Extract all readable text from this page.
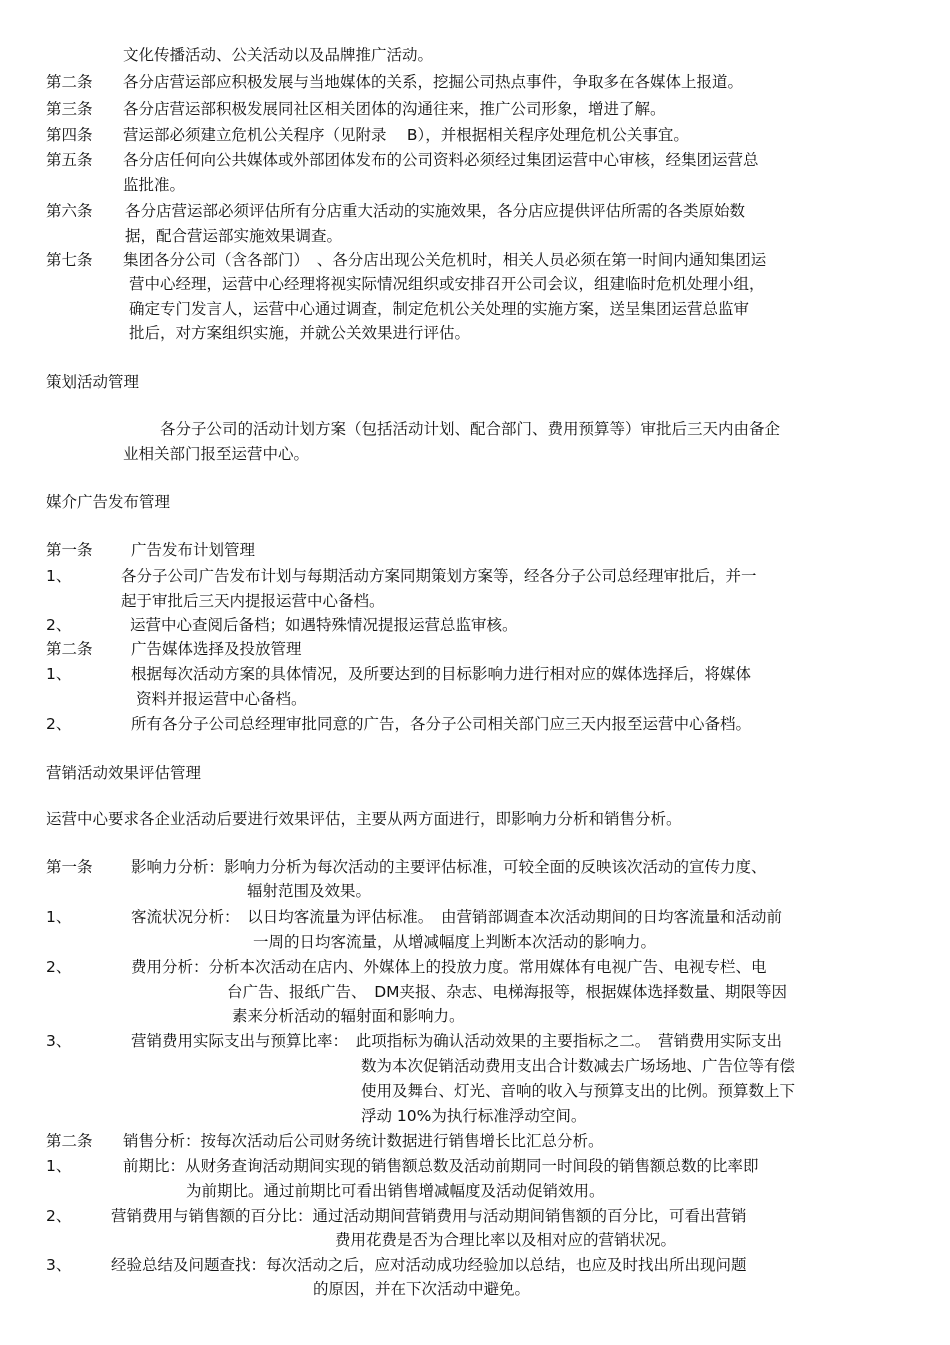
文化传播活动、公关活动以及品牌推广活动。
第二条 各分店营运部应积极发展与当地媒体的关系，挖掘公司热点事件，争取多在各媒体上报道。
第三条 各分店营运部积极发展同社区相关团体的沟通往来，推广公司形象，增进了解。
第四条 营运部必须建立危机公关程序（见附录　 B），并根据相关程序处理危机公关事宜。
第五条 各分店任何向公共媒体或外部团体发布的公司资料必须经过集团运营中心审核，经集团运营总
监批准。
第六条 各分店营运部必须评估所有分店重大活动的实施效果，各分店应提供评估所需的各类原始数
据，配合营运部实施效果调查。
第七条 集团各分公司（含各部门）　、各分店出现公关危机时，相关人员必须在第一时间内通知集团运
营中心经理，运营中心经理将视实际情况组织或安排召开公司会议，组建临时危机处理小组，
确定专门发言人，运营中心通过调查，制定危机公关处理的实施方案，送呈集团运营总监审
批后，对方案组织实施，并就公关效果进行评估。
策划活动管理
各分子公司的活动计划方案（包括活动计划、配合部门、费用预算等）审批后三天内由备企
业相关部门报至运营中心。
媒介广告发布管理
第一条 广告发布计划管理
1、	各分子公司广告发布计划与每期活动方案同期策划方案等，经各分子公司总经理审批后，并一
起于审批后三天内提报运营中心备档。
2、	运营中心查阅后备档；如遇特殊情况提报运营总监审核。
第二条 广告媒体选择及投放管理
1、	根据每次活动方案的具体情况，及所要达到的目标影响力进行相对应的媒体选择后，将媒体
资料并报运营中心备档。
2、	所有各分子公司总经理审批同意的广告，各分子公司相关部门应三天内报至运营中心备档。
营销活动效果评估管理
运营中心要求各企业活动后要进行效果评估，主要从两方面进行，即影响力分析和销售分析。
第一条 影响力分析：影响力分析为每次活动的主要评估标准，可较全面的反映该次活动的宣传力度、
辐射范围及效果。
1、	客流状况分析：　以日均客流量为评估标准。　由营销部调查本次活动期间的日均客流量和活动前
一周的日均客流量，从增减幅度上判断本次活动的影响力。
2、	费用分析：分析本次活动在店内、外媒体上的投放力度。常用媒体有电视广告、电视专栏、电
台广告、报纸广告、　DM夹报、杂志、电梯海报等，根据媒体选择数量、期限等因
素来分析活动的辐射面和影响力。
3、	营销费用实际支出与预算比率：　此项指标为确认活动效果的主要指标之二。　营销费用实际支出
数为本次促销活动费用支出合计数减去广场场地、广告位等有偿
使用及舞台、灯光、音响的收入与预算支出的比例。预算数上下
浮动 10%为执行标准浮动空间。
第二条 销售分析：按每次活动后公司财务统计数据进行销售增长比汇总分析。
1、	前期比：从财务查询活动期间实现的销售额总数及活动前期同一时间段的销售额总数的比率即
为前期比。通过前期比可看出销售增减幅度及活动促销效用。
2、	营销费用与销售额的百分比：通过活动期间营销费用与活动期间销售额的百分比，可看出营销
费用花费是否为合理比率以及相对应的营销状况。
3、	经验总结及问题查找：每次活动之后，应对活动成功经验加以总结，也应及时找出所出现问题
的原因，并在下次活动中避免。
